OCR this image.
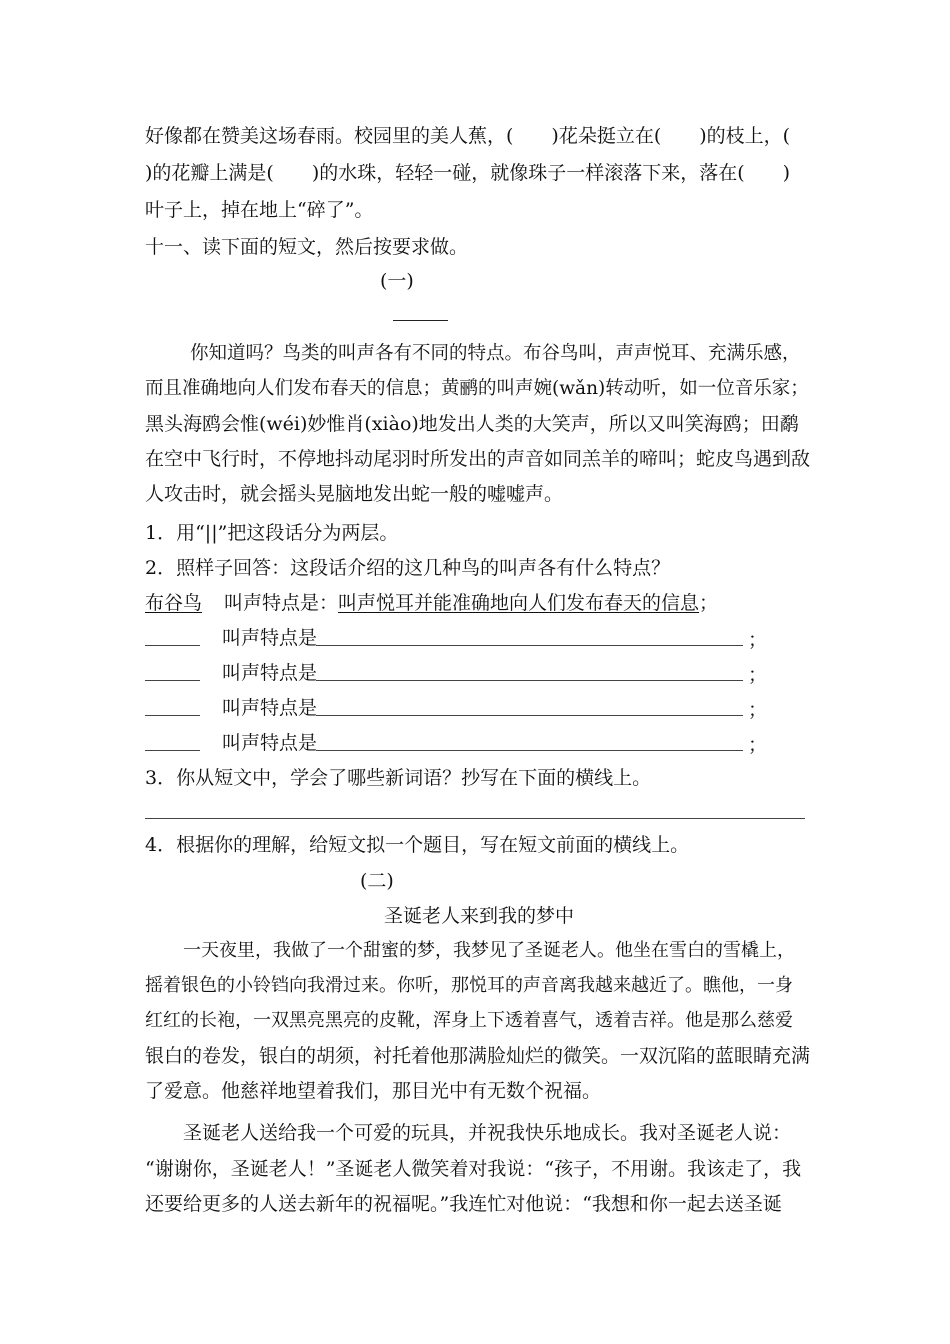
好像都在赞美这场春雨。校园里的美人蕉，(　　)花朵挺立在(　　)的枝上，(
)的花瓣上满是(　　)的水珠，轻轻一碰，就像珠子一样滚落下来，落在(　　)
叶子上，掉在地上“碎了”。
十一、读下面的短文，然后按要求做。
(一)
你知道吗？鸟类的叫声各有不同的特点。布谷鸟叫，声声悦耳、充满乐感，
而且准确地向人们发布春天的信息；黄鹂的叫声婉(wǎn)转动听，如一位音乐家；
黑头海鸥会惟(wéi)妙惟肖(xiào)地发出人类的大笑声，所以又叫笑海鸥；田鹬
在空中飞行时，不停地抖动尾羽时所发出的声音如同羔羊的啼叫；蛇皮鸟遇到敌
人攻击时，就会摇头晃脑地发出蛇一般的嘘嘘声。
1．用“||”把这段话分为两层。
2．照样子回答：这段话介绍的这几种鸟的叫声各有什么特点？
布谷鸟 叫声特点是：叫声悦耳并能准确地向人们发布春天的信息；
叫声特点是	；
叫声特点是	；
叫声特点是	；
叫声特点是	；
3．你从短文中，学会了哪些新词语？抄写在下面的横线上。
4．根据你的理解，给短文拟一个题目，写在短文前面的横线上。
(二)
圣诞老人来到我的梦中
一天夜里，我做了一个甜蜜的梦，我梦见了圣诞老人。他坐在雪白的雪橇上，
摇着银色的小铃铛向我滑过来。你听，那悦耳的声音离我越来越近了。瞧他，一身
红红的长袍，一双黑亮黑亮的皮靴，浑身上下透着喜气，透着吉祥。他是那么慈爱
银白的卷发，银白的胡须，衬托着他那满脸灿烂的微笑。一双沉陷的蓝眼睛充满
了爱意。他慈祥地望着我们，那目光中有无数个祝福。
圣诞老人送给我一个可爱的玩具，并祝我快乐地成长。我对圣诞老人说：
“谢谢你，圣诞老人！”圣诞老人微笑着对我说：“孩子，不用谢。我该走了，我
还要给更多的人送去新年的祝福呢。”我连忙对他说：“我想和你一起去送圣诞
